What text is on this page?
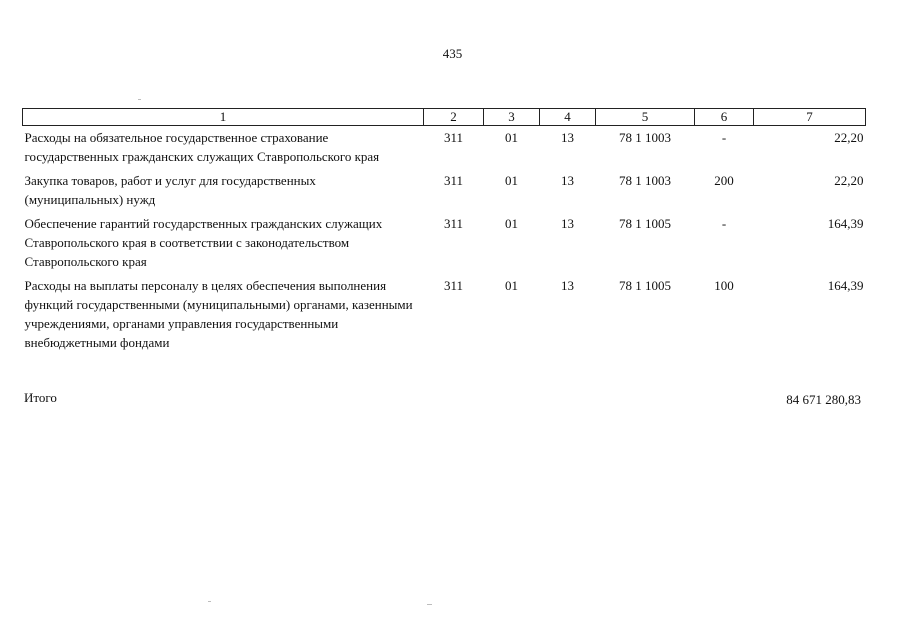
435
1	2	3	4	5	6	7

Расходы на обязательное государственное страхование государственных гражданских служащих Ставропольского края	311	01	13	78 1 1003	-	22,20

Закупка товаров, работ и услуг для государственных (муниципальных) нужд	311	01	13	78 1 1003	200	22,20

Обеспечение гарантий государственных гражданских служащих Ставропольского края в соответствии с законодательством Ставропольского края	311	01	13	78 1 1005	-	164,39

Расходы на выплаты персоналу в целях обеспечения выполнения функций государственными (муниципальными) органами, казенными учреждениями, органами управления государственными внебюджетными фондами	311	01	13	78 1 1005	100	164,39
Итого	84 671 280,83
